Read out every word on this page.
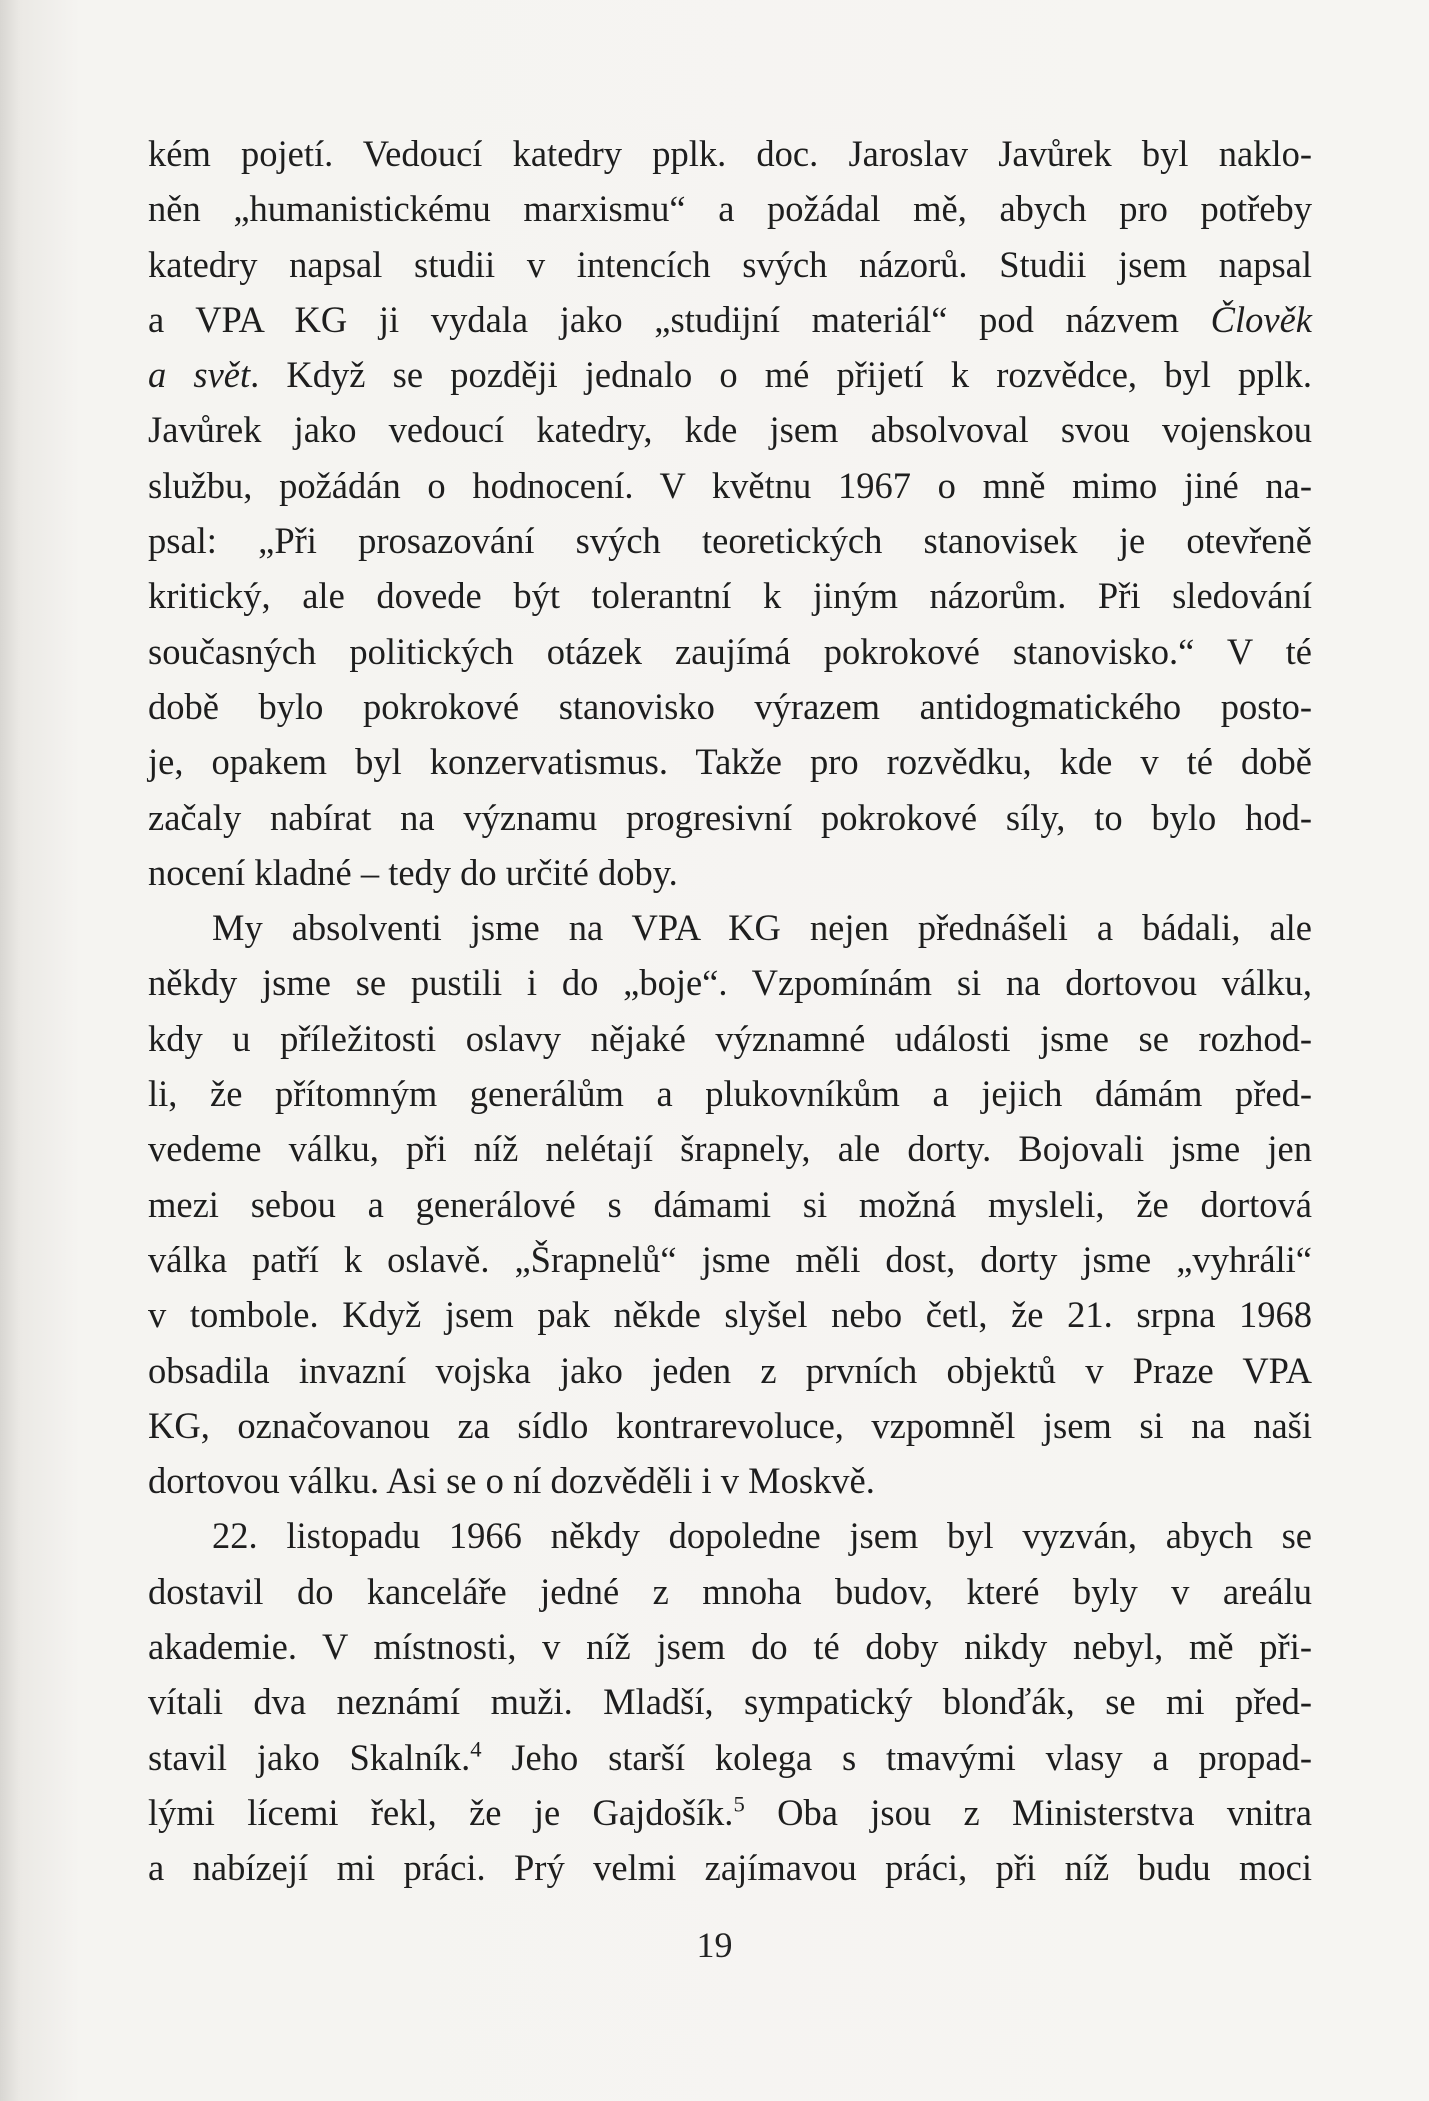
kém pojetí. Vedoucí katedry pplk. doc. Jaroslav Javůrek byl naklo-
něn „humanistickému marxismu“ a požádal mě, abych pro potřeby
katedry napsal studii v intencích svých názorů. Studii jsem napsal
a VPA KG ji vydala jako „studijní materiál“ pod názvem Člověk
a svět. Když se později jednalo o mé přijetí k rozvědce, byl pplk.
Javůrek jako vedoucí katedry, kde jsem absolvoval svou vojenskou
službu, požádán o hodnocení. V květnu 1967 o mně mimo jiné na-
psal: „Při prosazování svých teoretických stanovisek je otevřeně
kritický, ale dovede být tolerantní k jiným názorům. Při sledování
současných politických otázek zaujímá pokrokové stanovisko.“ V té
době bylo pokrokové stanovisko výrazem antidogmatického posto-
je, opakem byl konzervatismus. Takže pro rozvědku, kde v té době
začaly nabírat na významu progresivní pokrokové síly, to bylo hod-
nocení kladné – tedy do určité doby.
My absolventi jsme na VPA KG nejen přednášeli a bádali, ale
někdy jsme se pustili i do „boje“. Vzpomínám si na dortovou válku,
kdy u příležitosti oslavy nějaké významné události jsme se rozhod-
li, že přítomným generálům a plukovníkům a jejich dámám před-
vedeme válku, při níž nelétají šrapnely, ale dorty. Bojovali jsme jen
mezi sebou a generálové s dámami si možná mysleli, že dortová
válka patří k oslavě. „Šrapnelů“ jsme měli dost, dorty jsme „vyhráli“
v tombole. Když jsem pak někde slyšel nebo četl, že 21. srpna 1968
obsadila invazní vojska jako jeden z prvních objektů v Praze VPA
KG, označovanou za sídlo kontrarevoluce, vzpomněl jsem si na naši
dortovou válku. Asi se o ní dozvěděli i v Moskvě.
22. listopadu 1966 někdy dopoledne jsem byl vyzván, abych se
dostavil do kanceláře jedné z mnoha budov, které byly v areálu
akademie. V místnosti, v níž jsem do té doby nikdy nebyl, mě při-
vítali dva neznámí muži. Mladší, sympatický blonďák, se mi před-
stavil jako Skalník.$^4$ Jeho starší kolega s tmavými vlasy a propad-
lými lícemi řekl, že je Gajdošík.$^5$ Oba jsou z Ministerstva vnitra
a nabízejí mi práci. Prý velmi zajímavou práci, při níž budu moci
19
